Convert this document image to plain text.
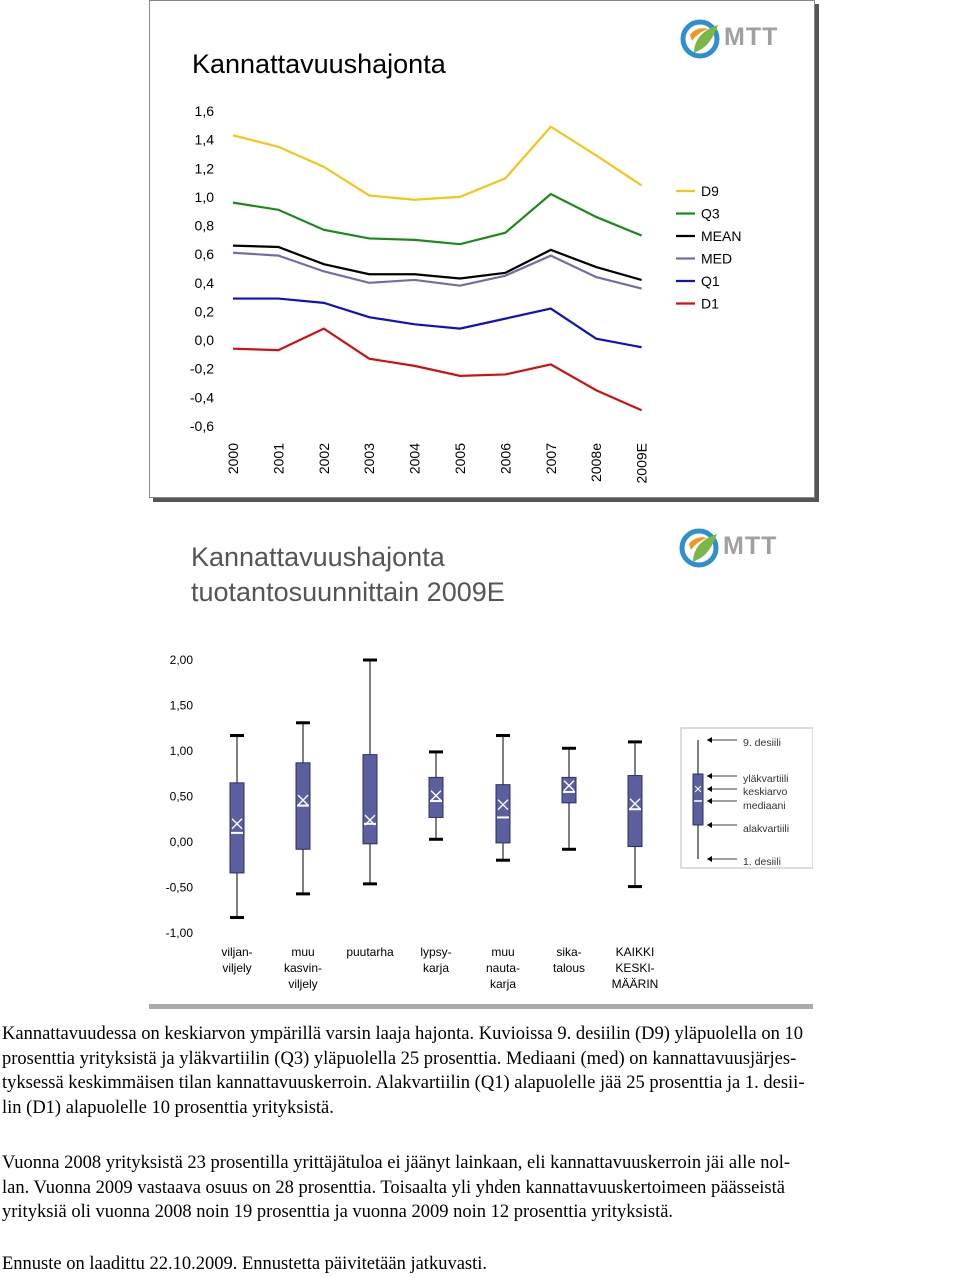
Kannattavuushajonta
MTT
1,6
1,4
1,2
1,0
0,8
0,6
0,4
0,2
0,0
-0,2
-0,4
-0,6
2000 2001 2002 2003 2004 2005 2006 2007 2008e 2009E
D9
Q3
MEAN
MED
Q1
D1
Kannattavuushajonta
tuotantosuunnittain 2009E
MTT
2,00
1,50
1,00
0,50
0,00
-0,50
-1,00
viljan-
viljely
muu
kasvin-
viljely
puutarha lypsy-
karja
muu
nauta-
karja
sika-
talous
KAIKKI
KESKI-
MÄÄRIN
9. desiili
yläkvartiili
keskiarvo
mediaani
alakvartiili
1. desiili
Kannattavuudessa on keskiarvon ympärillä varsin laaja hajonta. Kuvioissa 9. desiilin (D9) yläpuolella on 10
prosenttia yrityksistä ja yläkvartiilin (Q3) yläpuolella 25 prosenttia. Mediaani (med) on kannattavuusjärjes-
tyksessä keskimmäisen tilan kannattavuuskerroin. Alakvartiilin (Q1) alapuolelle jää 25 prosenttia ja 1. desii-
lin (D1) alapuolelle 10 prosenttia yrityksistä.
Vuonna 2008 yrityksistä 23 prosentilla yrittäjätuloa ei jäänyt lainkaan, eli kannattavuuskerroin jäi alle nol-
lan. Vuonna 2009 vastaava osuus on 28 prosenttia. Toisaalta yli yhden kannattavuuskertoimeen päässeistä
yrityksiä oli vuonna 2008 noin 19 prosenttia ja vuonna 2009 noin 12 prosenttia yrityksistä.
Ennuste on laadittu 22.10.2009. Ennustetta päivitetään jatkuvasti.
